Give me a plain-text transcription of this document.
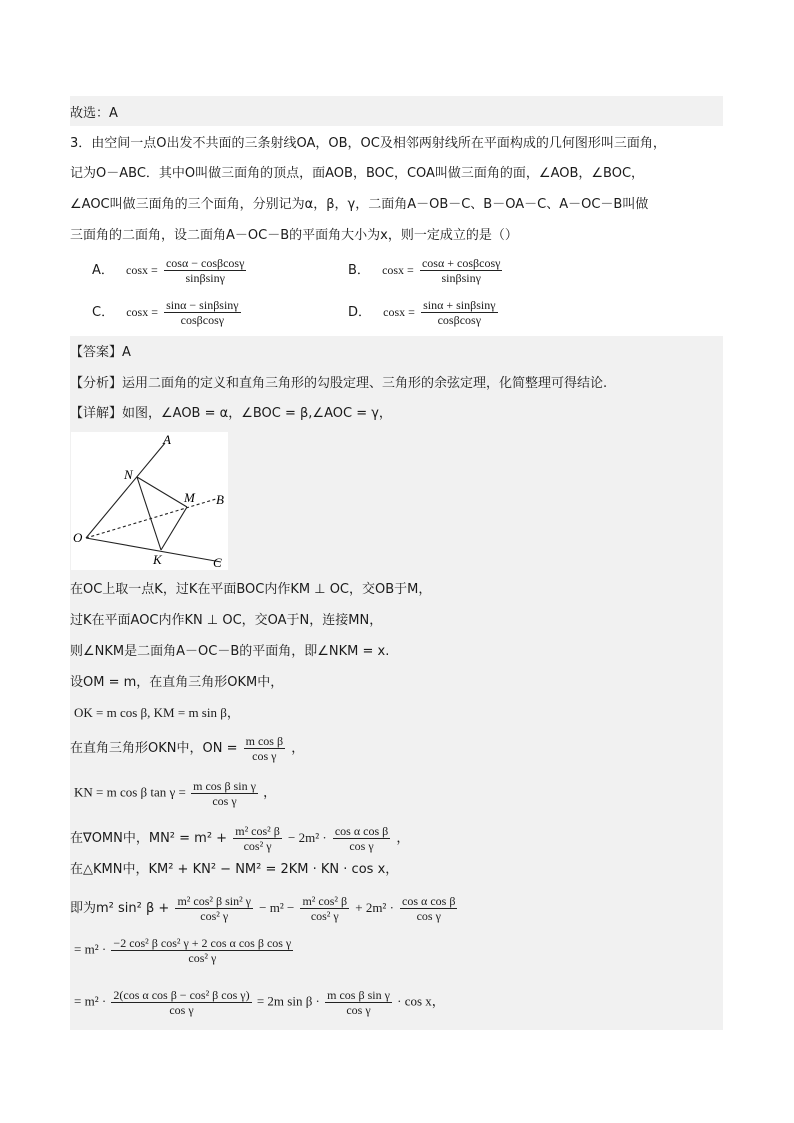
故选：A
3．由空间一点O出发不共面的三条射线OA，OB，OC及相邻两射线所在平面构成的几何图形叫三面角，
记为O－ABC．其中O叫做三面角的顶点，面AOB，BOC，COA叫做三面角的面，∠AOB，∠BOC，
∠AOC叫做三面角的三个面角，分别记为α，β，γ，二面角A－OB－C、B－OA－C、A－OC－B叫做
三面角的二面角，设二面角A－OC－B的平面角大小为x，则一定成立的是（）
A． $\cos x = \frac{\cos\alpha - \cos\beta\cos\gamma}{\sin\beta\sin\gamma}$	B． $\cos x = \frac{\cos\alpha + \cos\beta\cos\gamma}{\sin\beta\sin\gamma}$
C． $\cos x = \frac{\sin\alpha - \sin\beta\sin\gamma}{\cos\beta\cos\gamma}$	D． $\cos x = \frac{\sin\alpha + \sin\beta\sin\gamma}{\cos\beta\cos\gamma}$
【答案】A
【分析】运用二面角的定义和直角三角形的勾股定理、三角形的余弦定理，化简整理可得结论.
【详解】如图，∠AOB = α，∠BOC = β,∠AOC = γ，
A
B
C
O
N
M
K
在OC上取一点K，过K在平面BOC内作KM ⊥ OC，交OB于M，
过K在平面AOC内作KN ⊥ OC，交OA于N，连接MN，
则∠NKM是二面角A－OC－B的平面角，即∠NKM = x.
设OM = m，在直角三角形OKM中，
OK = m cos β, KM = m sin β，
在直角三角形OKN中，ON = $\frac{\text{m cos β}}{\text{cos γ}}$ ，
KN = m cos β $\tan \gamma = \frac{\text{m cos β sin γ}}{\text{cos γ}}$ ，
在∇OMN中，$MN^2 = m^2 + \frac{\text{m² cos² β}}{\text{cos² γ}} - 2m^2 \cdot \frac{\text{cos α cos β}}{\text{cos γ}}$ ，
在△KMN中，KM² + KN² − NM² = 2KM · KN · cos x，
即为m² sin² $\beta + \frac{\text{m² cos² β sin² γ}}{\text{cos² γ}} - m^2 - \frac{\text{m² cos² β}}{\text{cos² γ}} + 2m^2 \cdot \frac{\text{cos α cos β}}{\text{cos γ}}$
= $m^2 \cdot \frac{\text{−2 cos² β cos² γ + 2 cos α cos β cos γ}}{\text{cos² γ}}$
= $m^2 \cdot \frac{\text{2(cos α cos β − cos² β cos γ)}}{\text{cos γ}} = 2m$ $\sin \beta \cdot \frac{\text{m cos β sin γ}}{\text{cos γ}} \cdot \cos x$，
